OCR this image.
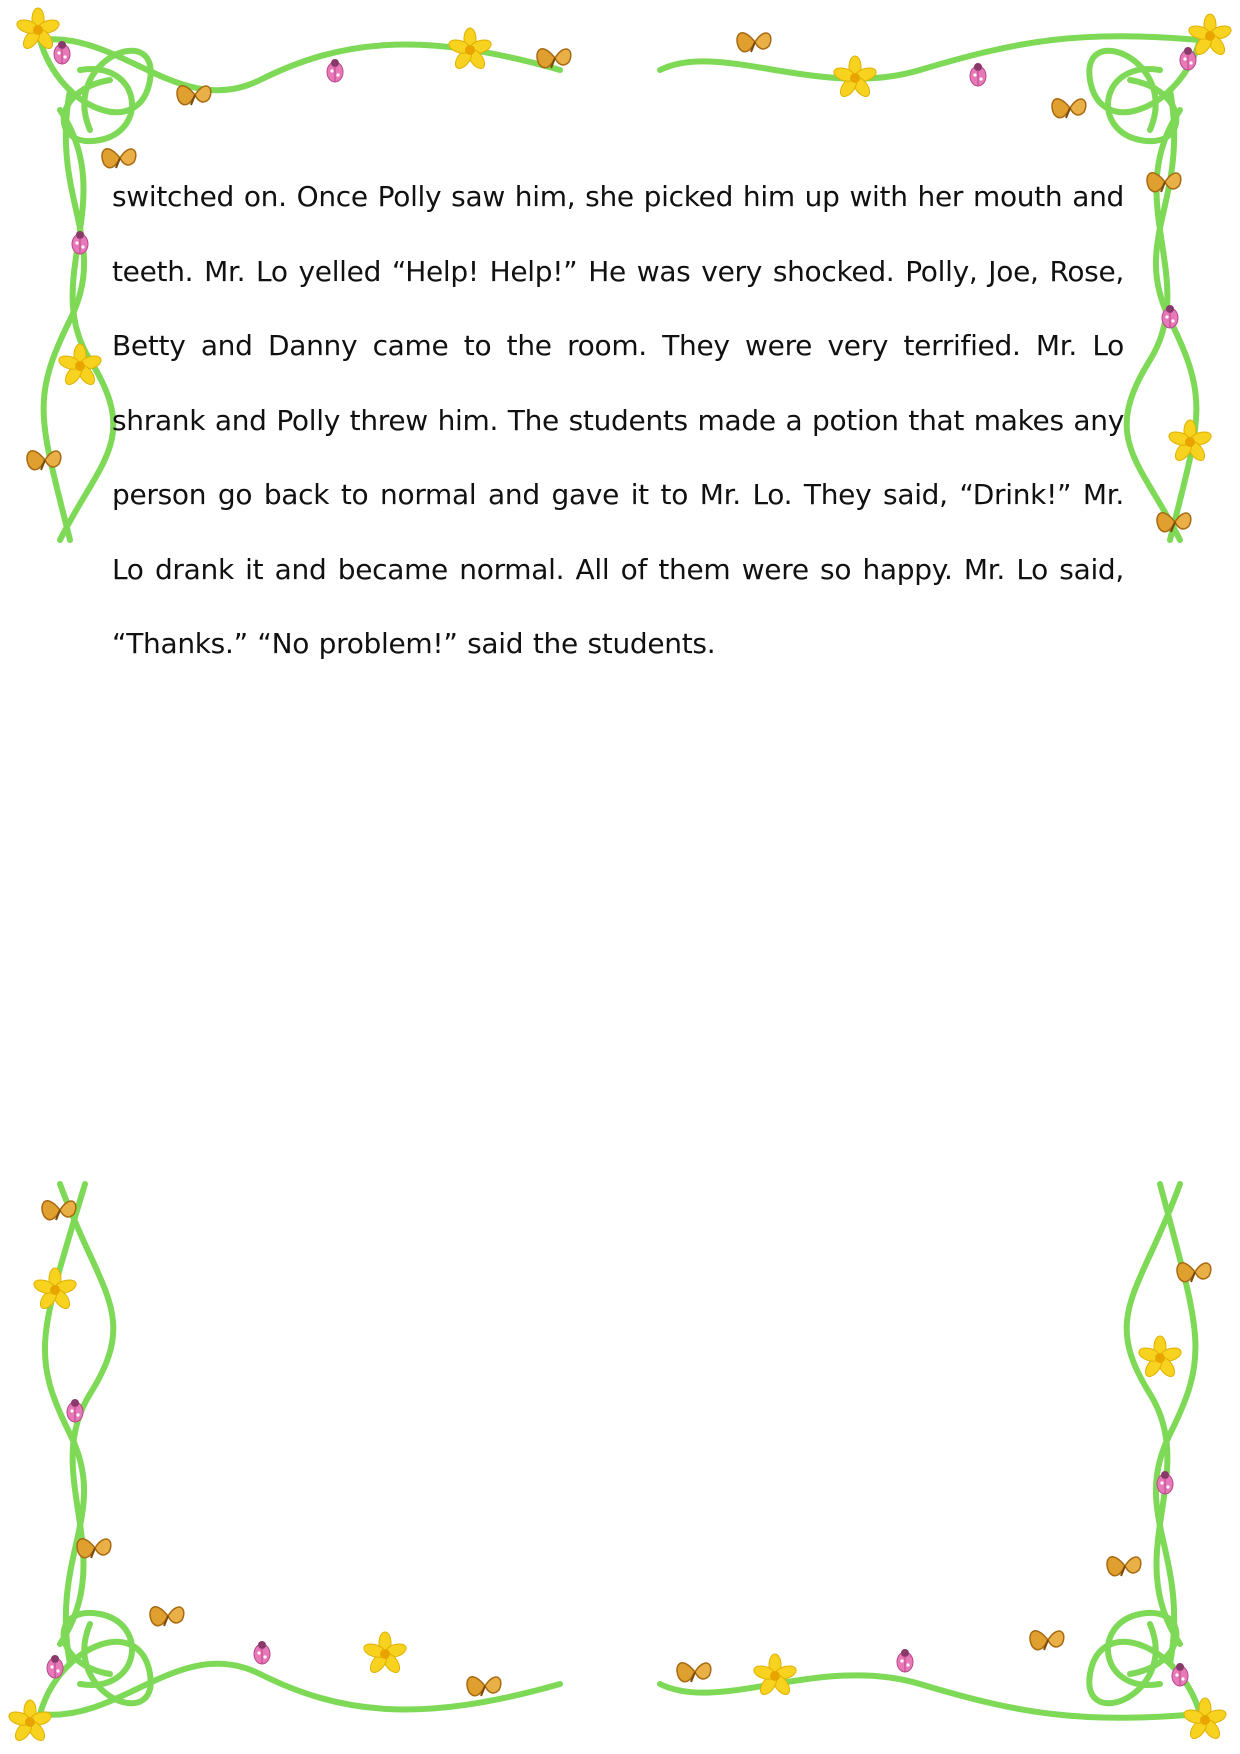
switched on. Once Polly saw him, she picked him up with her mouth and teeth. Mr. Lo yelled “Help! Help!” He was very shocked. Polly, Joe, Rose, Betty and Danny came to the room. They were very terrified. Mr. Lo shrank and Polly threw him. The students made a potion that makes any person go back to normal and gave it to Mr. Lo. They said, “Drink!” Mr. Lo drank it and became normal. All of them were so happy. Mr. Lo said, “Thanks.” “No problem!” said the students.
